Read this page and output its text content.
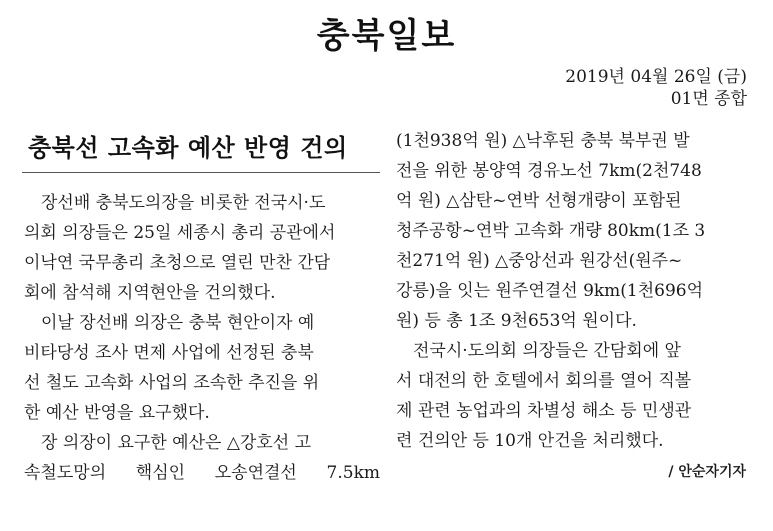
충북일보
2019년 04월 26일 (금)
01면 종합
충북선 고속화 예산 반영 건의
장선배 충북도의장을 비롯한 전국시·도
의회 의장들은 25일 세종시 총리 공관에서
이낙연 국무총리 초청으로 열린 만찬 간담
회에 참석해 지역현안을 건의했다.
이날 장선배 의장은 충북 현안이자 예
비타당성 조사 면제 사업에 선정된 충북
선 철도 고속화 사업의 조속한 추진을 위
한 예산 반영을 요구했다.
장 의장이 요구한 예산은 △강호선 고
속철도망의 핵심인 오송연결선 7.5km
(1천938억 원) △낙후된 충북 북부권 발
전을 위한 봉양역 경유노선 7km(2천748
억 원) △삼탄~연박 선형개량이 포함된
청주공항~연박 고속화 개량 80km(1조 3
천271억 원) △중앙선과 원강선(원주~
강릉)을 잇는 원주연결선 9km(1천696억
원) 등 총 1조 9천653억 원이다.
전국시·도의회 의장들은 간담회에 앞
서 대전의 한 호텔에서 회의를 열어 직볼
제 관련 농업과의 차별성 해소 등 민생관
련 건의안 등 10개 안건을 처리했다.
/ 안순자기자
